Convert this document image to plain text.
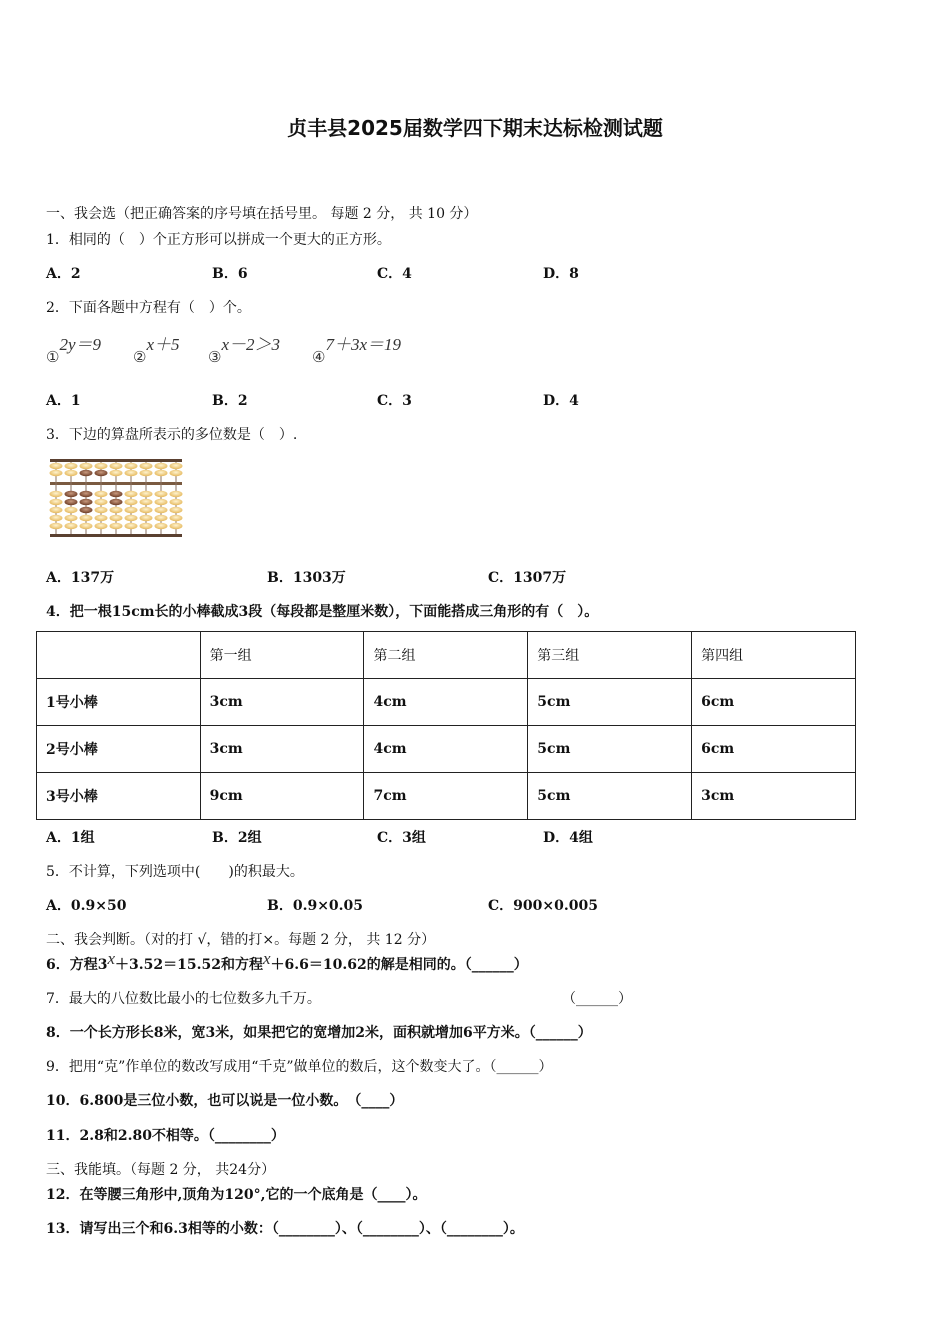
贞丰县2025届数学四下期末达标检测试题
一、我会选（把正确答案的序号填在括号里。 每题 2 分， 共 10 分）
1．相同的（　）个正方形可以拼成一个更大的正方形。
A．2	B．6	C．4	D．8
2．下面各题中方程有（　）个。
①2y＝9
②x＋5
③x－2＞3
④7＋3x＝19
A．1	B．2	C．3	D．4
3．下边的算盘所表示的多位数是（　）.
A．137万	B．1303万	C．1307万
4．把一根15cm长的小棒截成3段（每段都是整厘米数），下面能搭成三角形的有（　）。
	第一组	第二组	第三组	第四组
1号小棒	3cm	4cm	5cm	6cm
2号小棒	3cm	4cm	5cm	6cm
3号小棒	9cm	7cm	5cm	3cm
A．1组	B．2组	C．3组	D．4组
5．不计算，下列选项中(　　)的积最大。
A．0.9×50	B．0.9×0.05	C．900×0.005
二、我会判断。（对的打 √，错的打×。每题 2 分， 共 12 分）
6．方程3x＋3.52＝15.52和方程x＋6.6＝10.62的解是相同的。（______）
7．最大的八位数比最小的七位数多九千万。	（______）
8．一个长方形长8米，宽3米，如果把它的宽增加2米，面积就增加6平方米。（______）
9．把用“克”作单位的数改写成用“千克”做单位的数后，这个数变大了。（______）
10．6.800是三位小数，也可以说是一位小数。　（____）
11．2.8和2.80不相等。（________）
三、我能填。（每题 2 分， 共24分）
12．在等腰三角形中,顶角为120°,它的一个底角是（____）。
13．请写出三个和6.3相等的小数：（________）、（________）、（________）。
